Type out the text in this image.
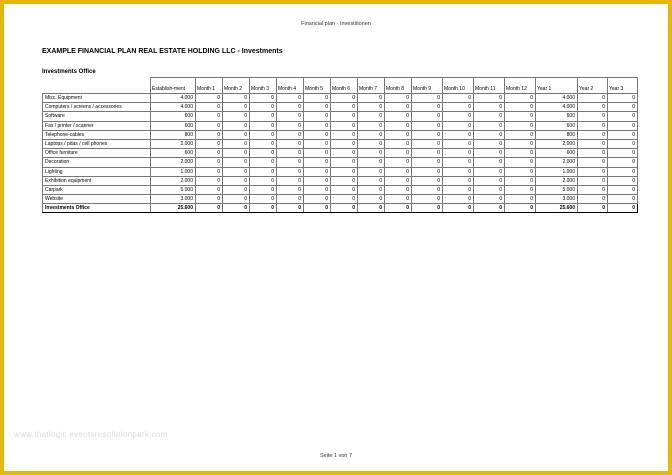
Financial plan - Investitionen
EXAMPLE FINANCIAL PLAN REAL ESTATE HOLDING LLC - Investments
Investments Office
	Establish-ment	Month 1	Month 2	Month 3	Month 4	Month 5	Month 6	Month 7	Month 8	Month 9	Month 10	Month 11	Month 12	Year 1	Year 2	Year 3
Misc. Equipment	4.000	0	0	0	0	0	0	0	0	0	0	0	0	4.000	0	0
Computers / screens / accessories	4.000	0	0	0	0	0	0	0	0	0	0	0	0	4.000	0	0
Software	600	0	0	0	0	0	0	0	0	0	0	0	0	600	0	0
Fax / printer / scanner	600	0	0	0	0	0	0	0	0	0	0	0	0	600	0	0
Telephone-cables	800	0	0	0	0	0	0	0	0	0	0	0	0	800	0	0
Laptops / pdas / cell phones	2.000	0	0	0	0	0	0	0	0	0	0	0	0	2.000	0	0
Office furniture	600	0	0	0	0	0	0	0	0	0	0	0	0	600	0	0
Decoration	2.000	0	0	0	0	0	0	0	0	0	0	0	0	2.000	0	0
Lighting	1.000	0	0	0	0	0	0	0	0	0	0	0	0	1.000	0	0
Exhibition equipment	2.000	0	0	0	0	0	0	0	0	0	0	0	0	2.000	0	0
Carpark	5.000	0	0	0	0	0	0	0	0	0	0	0	0	5.000	0	0
Website	3.000	0	0	0	0	0	0	0	0	0	0	0	0	3.000	0	0
Investments Office	25.600	0	0	0	0	0	0	0	0	0	0	0	0	25.600	0	0
www.thatlogic.eventsresolutionpark.com
Seite 1 von 7
